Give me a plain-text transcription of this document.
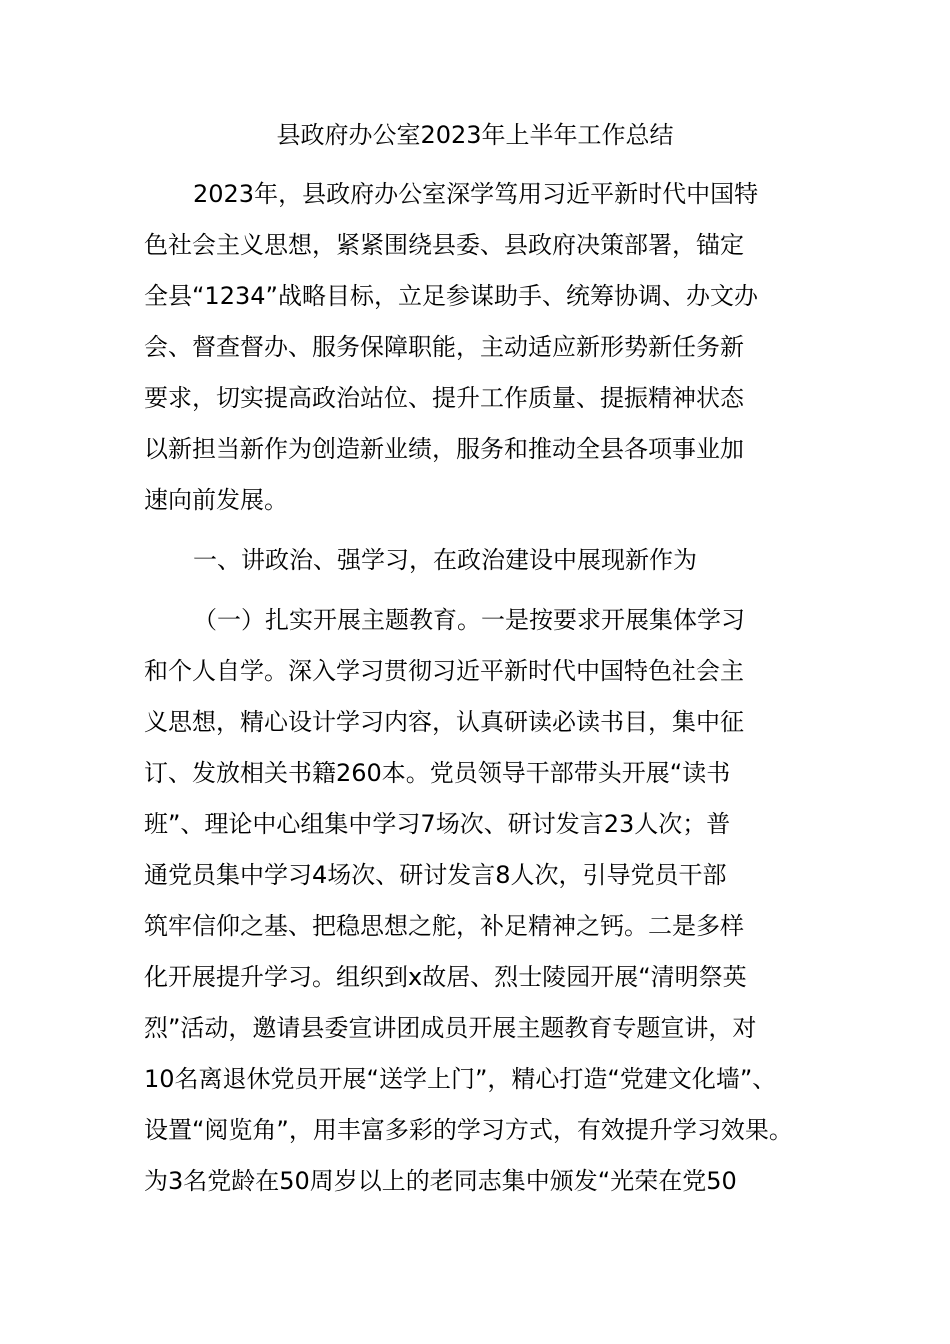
县政府办公室2023年上半年工作总结
2023年，县政府办公室深学笃用习近平新时代中国特
色社会主义思想，紧紧围绕县委、县政府决策部署，锚定
全县“1234”战略目标，立足参谋助手、统筹协调、办文办
会、督查督办、服务保障职能，主动适应新形势新任务新
要求，切实提高政治站位、提升工作质量、提振精神状态
以新担当新作为创造新业绩，服务和推动全县各项事业加
速向前发展。
一、讲政治、强学习，在政治建设中展现新作为
（一）扎实开展主题教育。一是按要求开展集体学习
和个人自学。深入学习贯彻习近平新时代中国特色社会主
义思想，精心设计学习内容，认真研读必读书目，集中征
订、发放相关书籍260本。党员领导干部带头开展“读书
班”、理论中心组集中学习7场次、研讨发言23人次；普
通党员集中学习4场次、研讨发言8人次，引导党员干部
筑牢信仰之基、把稳思想之舵，补足精神之钙。二是多样
化开展提升学习。组织到x故居、烈士陵园开展“清明祭英
烈”活动，邀请县委宣讲团成员开展主题教育专题宣讲，对
10名离退休党员开展“送学上门”，精心打造“党建文化墙”、
设置“阅览角”，用丰富多彩的学习方式，有效提升学习效果。
为3名党龄在50周岁以上的老同志集中颁发“光荣在党50
